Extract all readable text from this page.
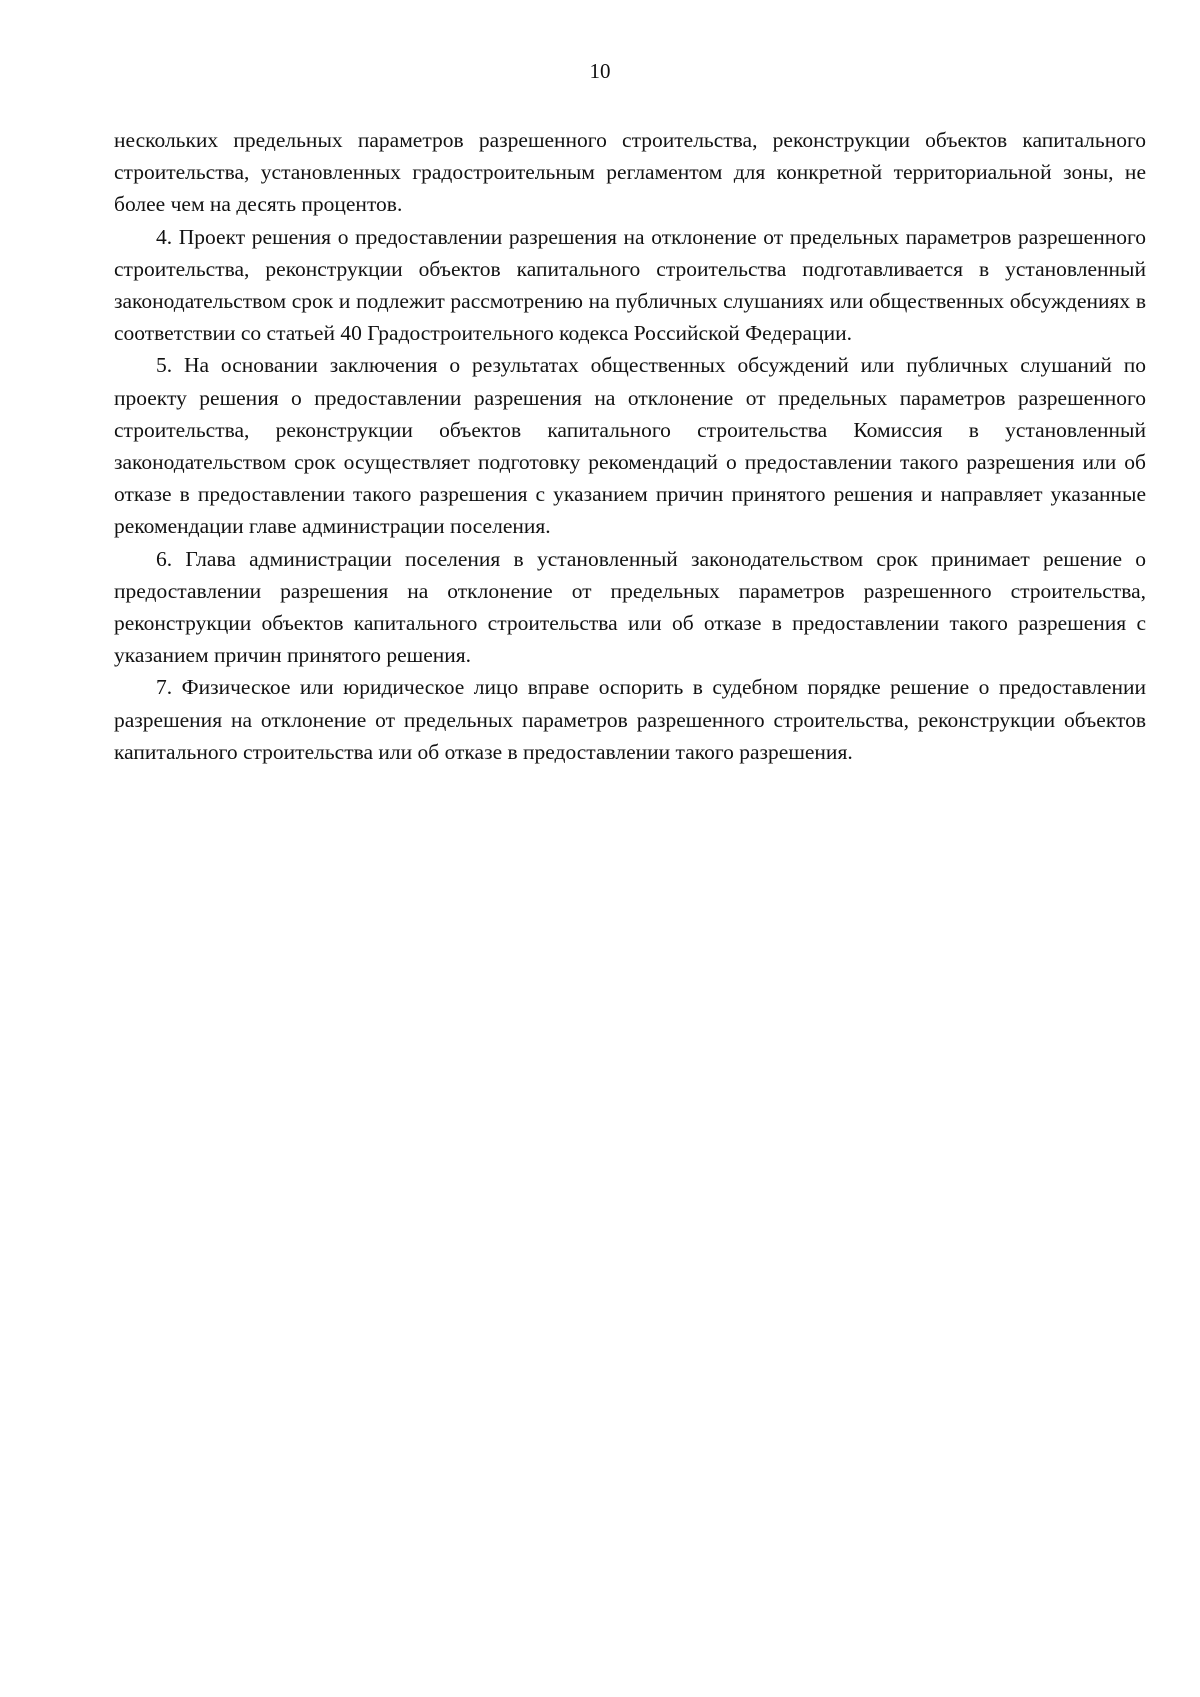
10

нескольких предельных параметров разрешенного строительства, реконструкции объектов капитального строительства, установленных градостроительным регламентом для конкретной территориальной зоны, не более чем на десять процентов.

4. Проект решения о предоставлении разрешения на отклонение от предельных параметров разрешенного строительства, реконструкции объектов капитального строительства подготавливается в установленный законодательством срок и подлежит рассмотрению на публичных слушаниях или общественных обсуждениях в соответствии со статьей 40 Градостроительного кодекса Российской Федерации.

5. На основании заключения о результатах общественных обсуждений или публичных слушаний по проекту решения о предоставлении разрешения на отклонение от предельных параметров разрешенного строительства, реконструкции объектов капитального строительства Комиссия в установленный законодательством срок осуществляет подготовку рекомендаций о предоставлении такого разрешения или об отказе в предоставлении такого разрешения с указанием причин принятого решения и направляет указанные рекомендации главе администрации поселения.

6. Глава администрации поселения в установленный законодательством срок принимает решение о предоставлении разрешения на отклонение от предельных параметров разрешенного строительства, реконструкции объектов капитального строительства или об отказе в предоставлении такого разрешения с указанием причин принятого решения.

7. Физическое или юридическое лицо вправе оспорить в судебном порядке решение о предоставлении разрешения на отклонение от предельных параметров разрешенного строительства, реконструкции объектов капитального строительства или об отказе в предоставлении такого разрешения.
